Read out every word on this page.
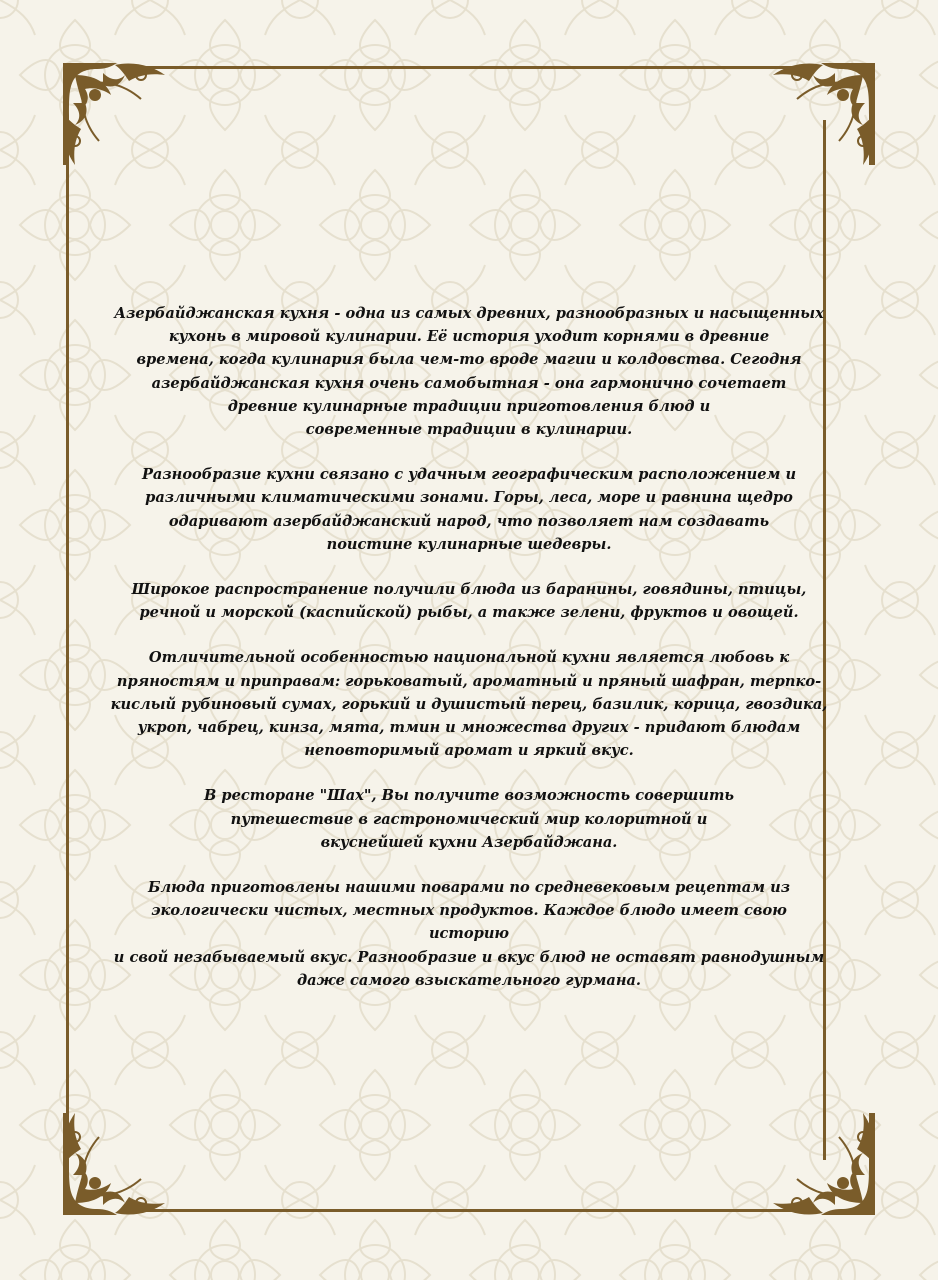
Азербайджанская кухня - одна из самых древних, разнообразных и насыщенных
кухонь в мировой кулинарии. Её история уходит корнями в древние
времена, когда кулинария была чем-то вроде магии и колдовства. Сегодня
азербайджанская кухня очень самобытная - она гармонично сочетает
древние кулинарные традиции приготовления блюд и
современные традиции в кулинарии.

Разнообразие кухни связано с удачным географическим расположением и
различными климатическими зонами. Горы, леса, море и равнина щедро
одаривают азербайджанский народ, что позволяет нам создавать
поистине кулинарные шедевры.

Широкое распространение получили блюда из баранины, говядины, птицы,
речной и морской (каспийской) рыбы, а также зелени, фруктов и овощей.

Отличительной особенностью национальной кухни является любовь к
пряностям и приправам: горьковатый, ароматный и пряный шафран, терпко-
кислый рубиновый сумах, горький и душистый перец, базилик, корица, гвоздика,
укроп, чабрец, кинза, мята, тмин и множества других - придают блюдам
неповторимый аромат и яркий вкус.

В ресторане "Шах", Вы получите возможность совершить
путешествие в гастрономический мир колоритной и
вкуснейшей кухни Азербайджана.

Блюда приготовлены нашими поварами по средневековым рецептам из
экологически чистых, местных продуктов. Каждое блюдо имеет свою историю
и свой незабываемый вкус. Разнообразие и вкус блюд не оставят равнодушным
даже самого взыскательного гурмана.
